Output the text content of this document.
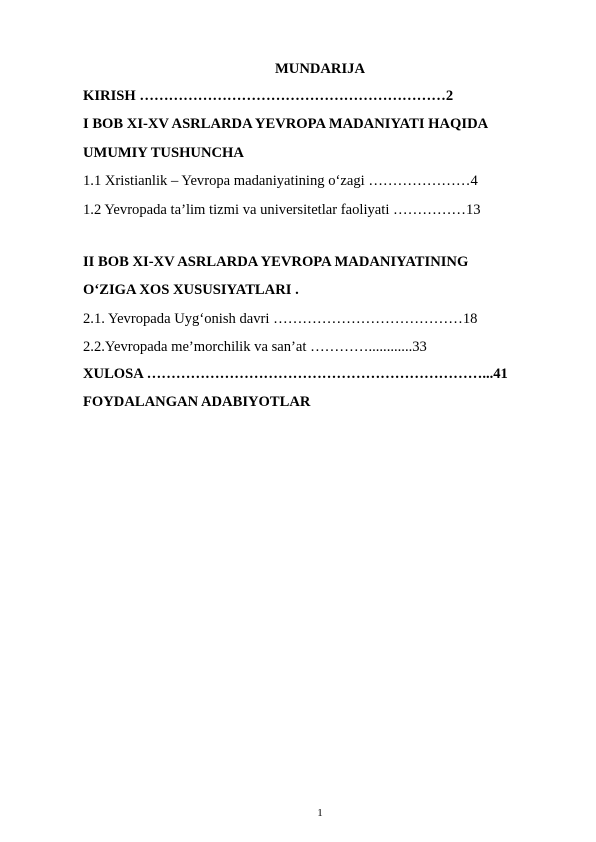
MUNDARIJA
KIRISH ………………………………………………………2
I BOB XI-XV ASRLARDA YEVROPA MADANIYATI HAQIDA
UMUMIY TUSHUNCHA
1.1 Xristianlik – Yevropa madaniyatining o‘zagi …………………4
1.2 Yevropada ta’lim tizmi va universitetlar faoliyati ……………13
II BOB XI-XV ASRLARDA YEVROPA MADANIYATINING
O‘ZIGA XOS XUSUSIYATLARI .
2.1. Yevropada Uyg‘onish davri …………………………………18
2.2.Yevropada me’morchilik va san’at …………............33
XULOSA ……………………………………………………………...41
FOYDALANGAN ADABIYOTLAR
1
